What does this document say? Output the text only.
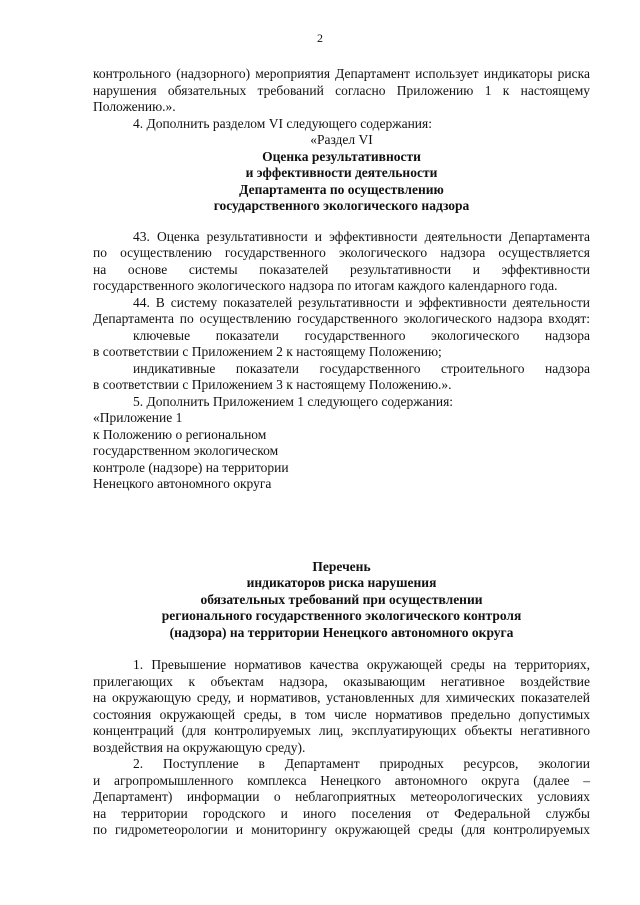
2

контрольного (надзорного) мероприятия Департамент использует индикаторы риска

нарушения обязательных требований согласно Приложению 1 к настоящему

Положению.».

4. Дополнить разделом VI следующего содержания:

«Раздел VI

Оценка результативности

и эффективности деятельности

Департамента по осуществлению

государственного экологического надзора

43. Оценка результативности и эффективности деятельности Департамента

по осуществлению государственного экологического надзора осуществляется

на основе системы показателей результативности и эффективности

государственного экологического надзора по итогам каждого календарного года.

44. В систему показателей результативности и эффективности деятельности

Департамента по осуществлению государственного экологического надзора входят:

ключевые показатели государственного экологического надзора

в соответствии с Приложением 2 к настоящему Положению;

индикативные показатели государственного строительного надзора

в соответствии с Приложением 3 к настоящему Положению.».

5. Дополнить Приложением 1 следующего содержания:

«Приложение 1

к Положению о региональном

государственном экологическом

контроле (надзоре) на территории

Ненецкого автономного округа

Перечень

индикаторов риска нарушения

обязательных требований при осуществлении

регионального государственного экологического контроля

(надзора) на территории Ненецкого автономного округа

1. Превышение нормативов качества окружающей среды на территориях,

прилегающих к объектам надзора, оказывающим негативное воздействие

на окружающую среду, и нормативов, установленных для химических показателей

состояния окружающей среды, в том числе нормативов предельно допустимых

концентраций (для контролируемых лиц, эксплуатирующих объекты негативного

воздействия на окружающую среду).

2. Поступление в Департамент природных ресурсов, экологии

и агропромышленного комплекса Ненецкого автономного округа (далее –

Департамент) информации о неблагоприятных метеорологических условиях

на территории городского и иного поселения от Федеральной службы

по гидрометеорологии и мониторингу окружающей среды (для контролируемых
